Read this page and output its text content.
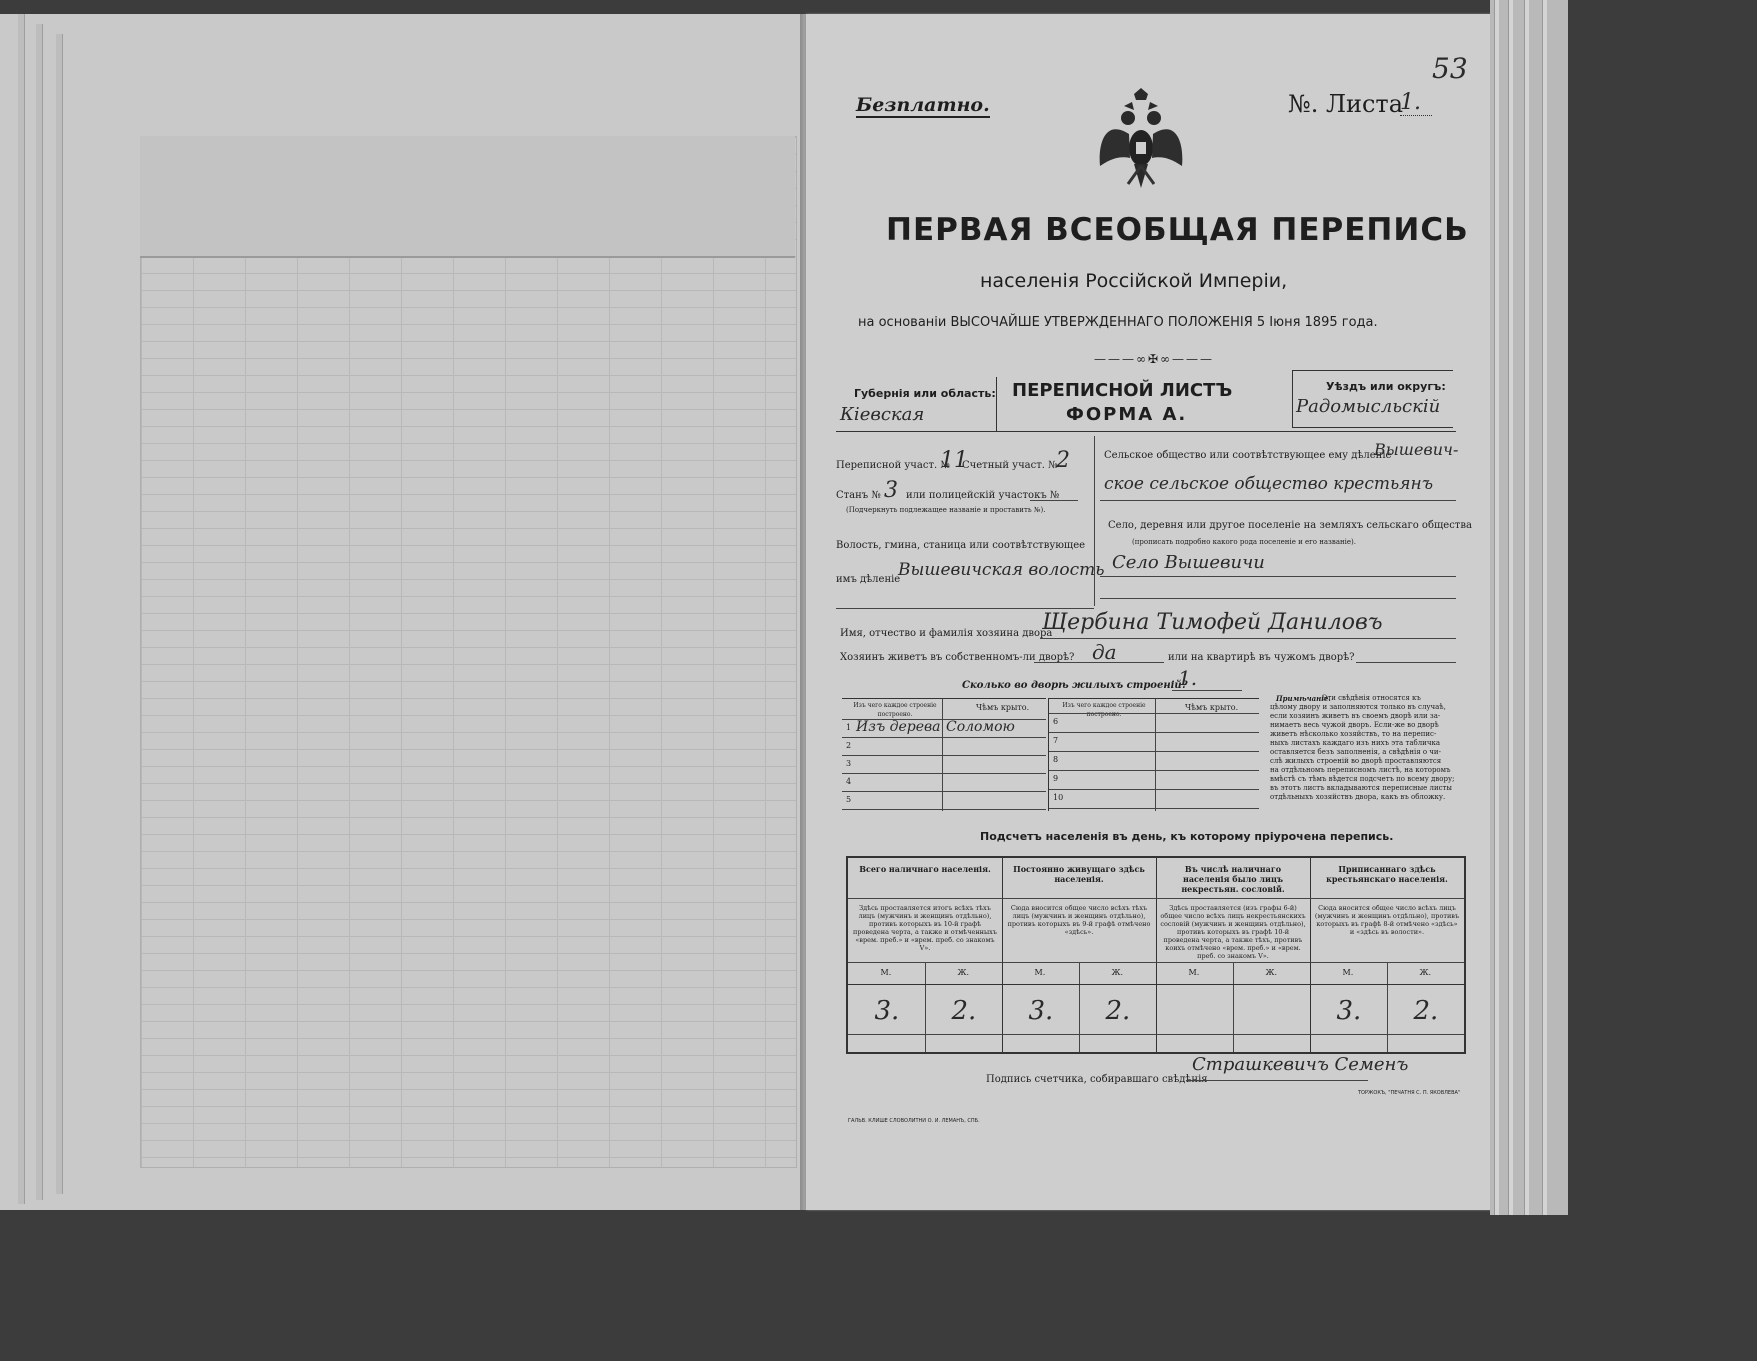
53
Безплатно.	№. Листа
1.
ПЕРВАЯ ВСЕОБЩАЯ ПЕРЕПИСЬ
населенія Россійской Имперіи,
на основаніи ВЫСОЧАЙШЕ УТВЕРЖДЕННАГО ПОЛОЖЕНІЯ 5 Іюня 1895 года.
———∞✠∞———
Губернія или область:
Кіевская
ПЕРЕПИСНОЙ ЛИСТЪ
ФОРМА А.
Уѣздъ или округъ:
Радомысльскій
Переписной участ. №
11
Счетный участ. №
2
Станъ № 3 или полицейскій участокъ №
(Подчеркнуть подлежащее названіе и проставить №).
Волость, гмина, станица или соотвѣтствующее
имъ дѣленіе
Вышевичская волость
Сельское общество или соотвѣтствующее ему дѣленіе
Вышевич-
ское сельское общество крестьянъ
Село, деревня или другое поселеніе на земляхъ сельскаго общества
(прописать подробно какого рода поселеніе и его названіе).
Село Вышевичи
Имя, отчество и фамилія хозяина двора
Щербина Тимофей Даниловъ
Хозяинъ живетъ въ собственномъ-ли дворѣ? да	или на квартирѣ въ чужомъ дворѣ?
Сколько во дворѣ жилыхъ строеній?
1.
Изъ чего каждое строеніе построено.
Чѣмъ крыто.
1 Изъ дерева Соломою
2
3
4
5
Изъ чего каждое строеніе построено.
Чѣмъ крыто.
6
7
8
9
10
Примѣчаніе.
Эти свѣдѣнія относятся къ
цѣлому двору и заполняются только въ случаѣ,
если хозяинъ живетъ въ своемъ дворѣ или за-
нимаетъ весь чужой дворъ. Если-же во дворѣ
живетъ нѣсколько хозяйствъ, то на перепис-
ныхъ листахъ каждаго изъ нихъ эта табличка
оставляется безъ заполненія, а свѣдѣнія о чи-
слѣ жилыхъ строеній во дворѣ проставляются
на отдѣльномъ переписномъ листѣ, на которомъ
вмѣстѣ съ тѣмъ вѣдется подсчетъ по всему двору;
въ этотъ листъ вкладываются переписные листы
отдѣльныхъ хозяйствъ двора, какъ въ обложку.
Подсчетъ населенія въ день, къ которому пріурочена перепись.
Всего наличнаго населенія.
Здѣсь проставляется итогъ всѣхъ тѣхъ лицъ (мужчинъ и женщинъ отдѣльно), противъ которыхъ въ 10-й графѣ проведена черта, а также и отмѣченныхъ «врем. преб.» и «врем. преб. со знакомъ V».
М.	Ж.
3. 2.
Постоянно живущаго здѣсь населенія.
Сюда вносится общее число всѣхъ тѣхъ лицъ (мужчинъ и женщинъ отдѣльно), противъ которыхъ въ 9-й графѣ отмѣчено «здѣсь».
М.	Ж.
3. 2.
Въ числѣ наличнаго населенія было лицъ некрестьян. сословій.
Здѣсь проставляется (изъ графы 6-й) общее число всѣхъ лицъ некрестьянскихъ сословій (мужчинъ и женщинъ отдѣльно), противъ которыхъ въ графѣ 10-й проведена черта, а также тѣхъ, противъ коихъ отмѣчено «врем. преб.» и «врем. преб. со знакомъ V».
М.	Ж.
Приписаннаго здѣсь крестьянскаго населенія.
Сюда вносится общее число всѣхъ лицъ (мужчинъ и женщинъ отдѣльно), противъ которыхъ въ графѣ 8-й отмѣчено «здѣсь» и «здѣсь въ волости».
М.	Ж.
3. 2.
Подпись счетчика, собиравшаго свѣдѣнія
Страшкевичъ Семенъ
ГАЛЬВ. КЛИШЕ СЛОВОЛИТНИ О. И. ЛЕМАНЪ, СПБ.
ТОРЖОКЪ, "ПЕЧАТНЯ С. П. ЯКОВЛЕВА"
